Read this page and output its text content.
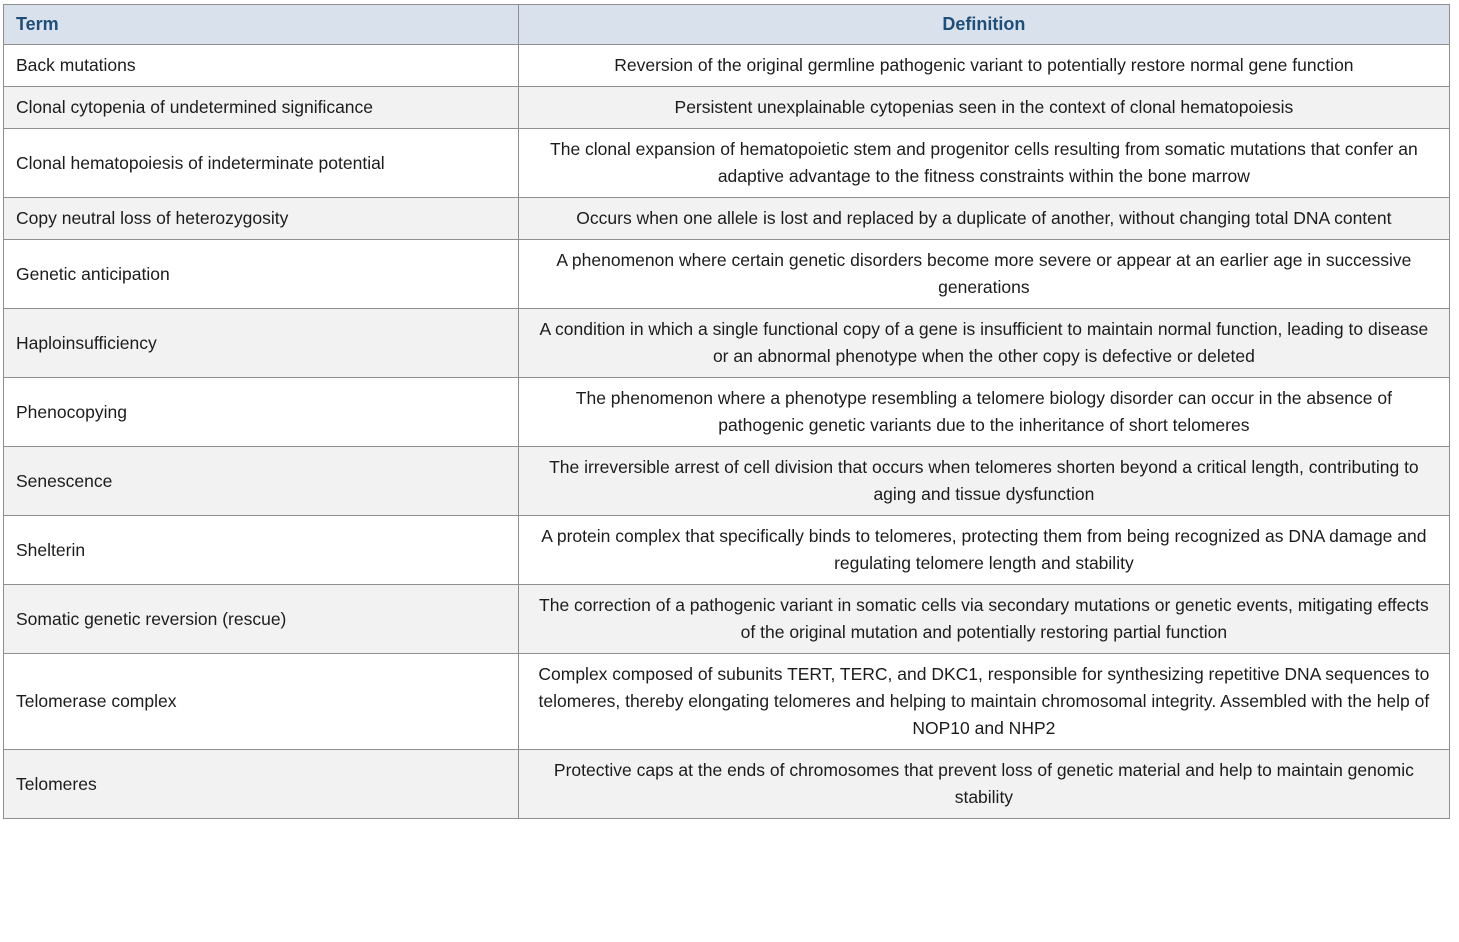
Term	Definition
Back mutations	Reversion of the original germline pathogenic variant to potentially restore normal gene function
Clonal cytopenia of undetermined significance	Persistent unexplainable cytopenias seen in the context of clonal hematopoiesis
Clonal hematopoiesis of indeterminate potential	The clonal expansion of hematopoietic stem and progenitor cells resulting from somatic mutations that confer an adaptive advantage to the fitness constraints within the bone marrow
Copy neutral loss of heterozygosity	Occurs when one allele is lost and replaced by a duplicate of another, without changing total DNA content
Genetic anticipation	A phenomenon where certain genetic disorders become more severe or appear at an earlier age in successive generations
Haploinsufficiency	A condition in which a single functional copy of a gene is insufficient to maintain normal function, leading to disease or an abnormal phenotype when the other copy is defective or deleted
Phenocopying	The phenomenon where a phenotype resembling a telomere biology disorder can occur in the absence of pathogenic genetic variants due to the inheritance of short telomeres
Senescence	The irreversible arrest of cell division that occurs when telomeres shorten beyond a critical length, contributing to aging and tissue dysfunction
Shelterin	A protein complex that specifically binds to telomeres, protecting them from being recognized as DNA damage and regulating telomere length and stability
Somatic genetic reversion (rescue)	The correction of a pathogenic variant in somatic cells via secondary mutations or genetic events, mitigating effects of the original mutation and potentially restoring partial function
Telomerase complex	Complex composed of subunits TERT, TERC, and DKC1, responsible for synthesizing repetitive DNA sequences to telomeres, thereby elongating telomeres and helping to maintain chromosomal integrity. Assembled with the help of NOP10 and NHP2
Telomeres	Protective caps at the ends of chromosomes that prevent loss of genetic material and help to maintain genomic stability
